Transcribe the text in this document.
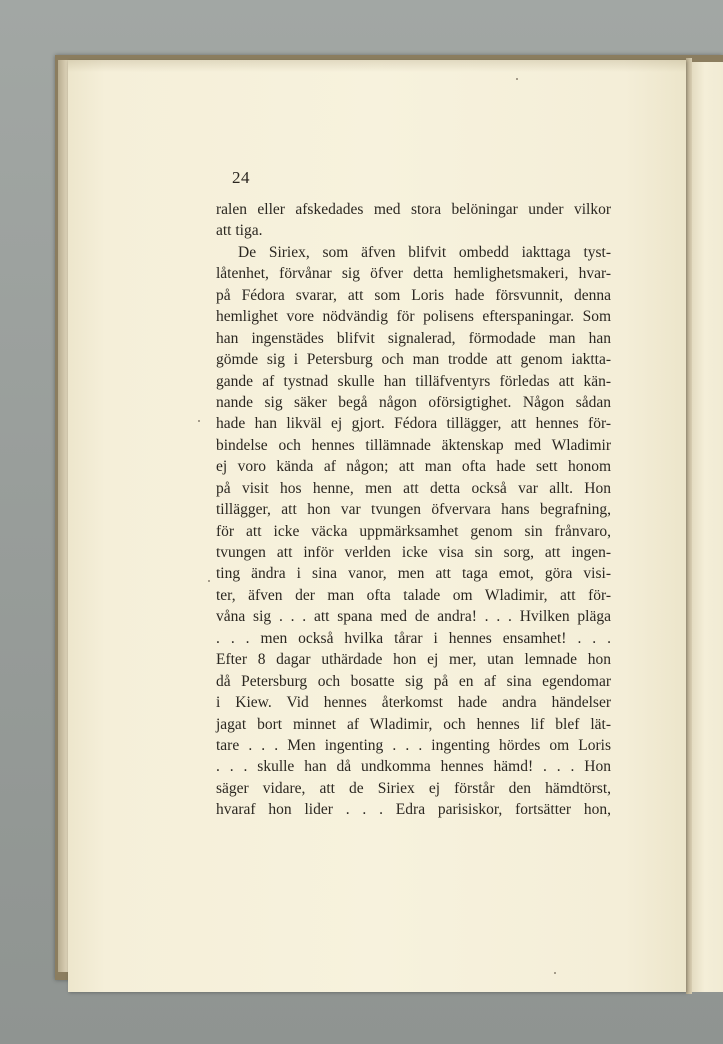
24
ralen eller afskedades med stora belöningar under vilkor
att tiga.
De Siriex, som äfven blifvit ombedd iakttaga tyst-
låtenhet, förvånar sig öfver detta hemlighetsmakeri, hvar-
på Fédora svarar, att som Loris hade försvunnit, denna
hemlighet vore nödvändig för polisens efterspaningar. Som
han ingenstädes blifvit signalerad, förmodade man han
gömde sig i Petersburg och man trodde att genom iaktta-
gande af tystnad skulle han tilläfventyrs förledas att kän-
nande sig säker begå någon oförsigtighet. Någon sådan
hade han likväl ej gjort. Fédora tillägger, att hennes för-
bindelse och hennes tillämnade äktenskap med Wladimir
ej voro kända af någon; att man ofta hade sett honom
på visit hos henne, men att detta också var allt. Hon
tillägger, att hon var tvungen öfvervara hans begrafning,
för att icke väcka uppmärksamhet genom sin frånvaro,
tvungen att inför verlden icke visa sin sorg, att ingen-
ting ändra i sina vanor, men att taga emot, göra visi-
ter, äfven der man ofta talade om Wladimir, att för-
våna sig . . . att spana med de andra! . . . Hvilken pläga
. . . men också hvilka tårar i hennes ensamhet! . . .
Efter 8 dagar uthärdade hon ej mer, utan lemnade hon
då Petersburg och bosatte sig på en af sina egendomar
i Kiew. Vid hennes återkomst hade andra händelser
jagat bort minnet af Wladimir, och hennes lif blef lät-
tare . . . Men ingenting . . . ingenting hördes om Loris
. . . skulle han då undkomma hennes hämd! . . . Hon
säger vidare, att de Siriex ej förstår den hämdtörst,
hvaraf hon lider . . . Edra parisiskor, fortsätter hon,
